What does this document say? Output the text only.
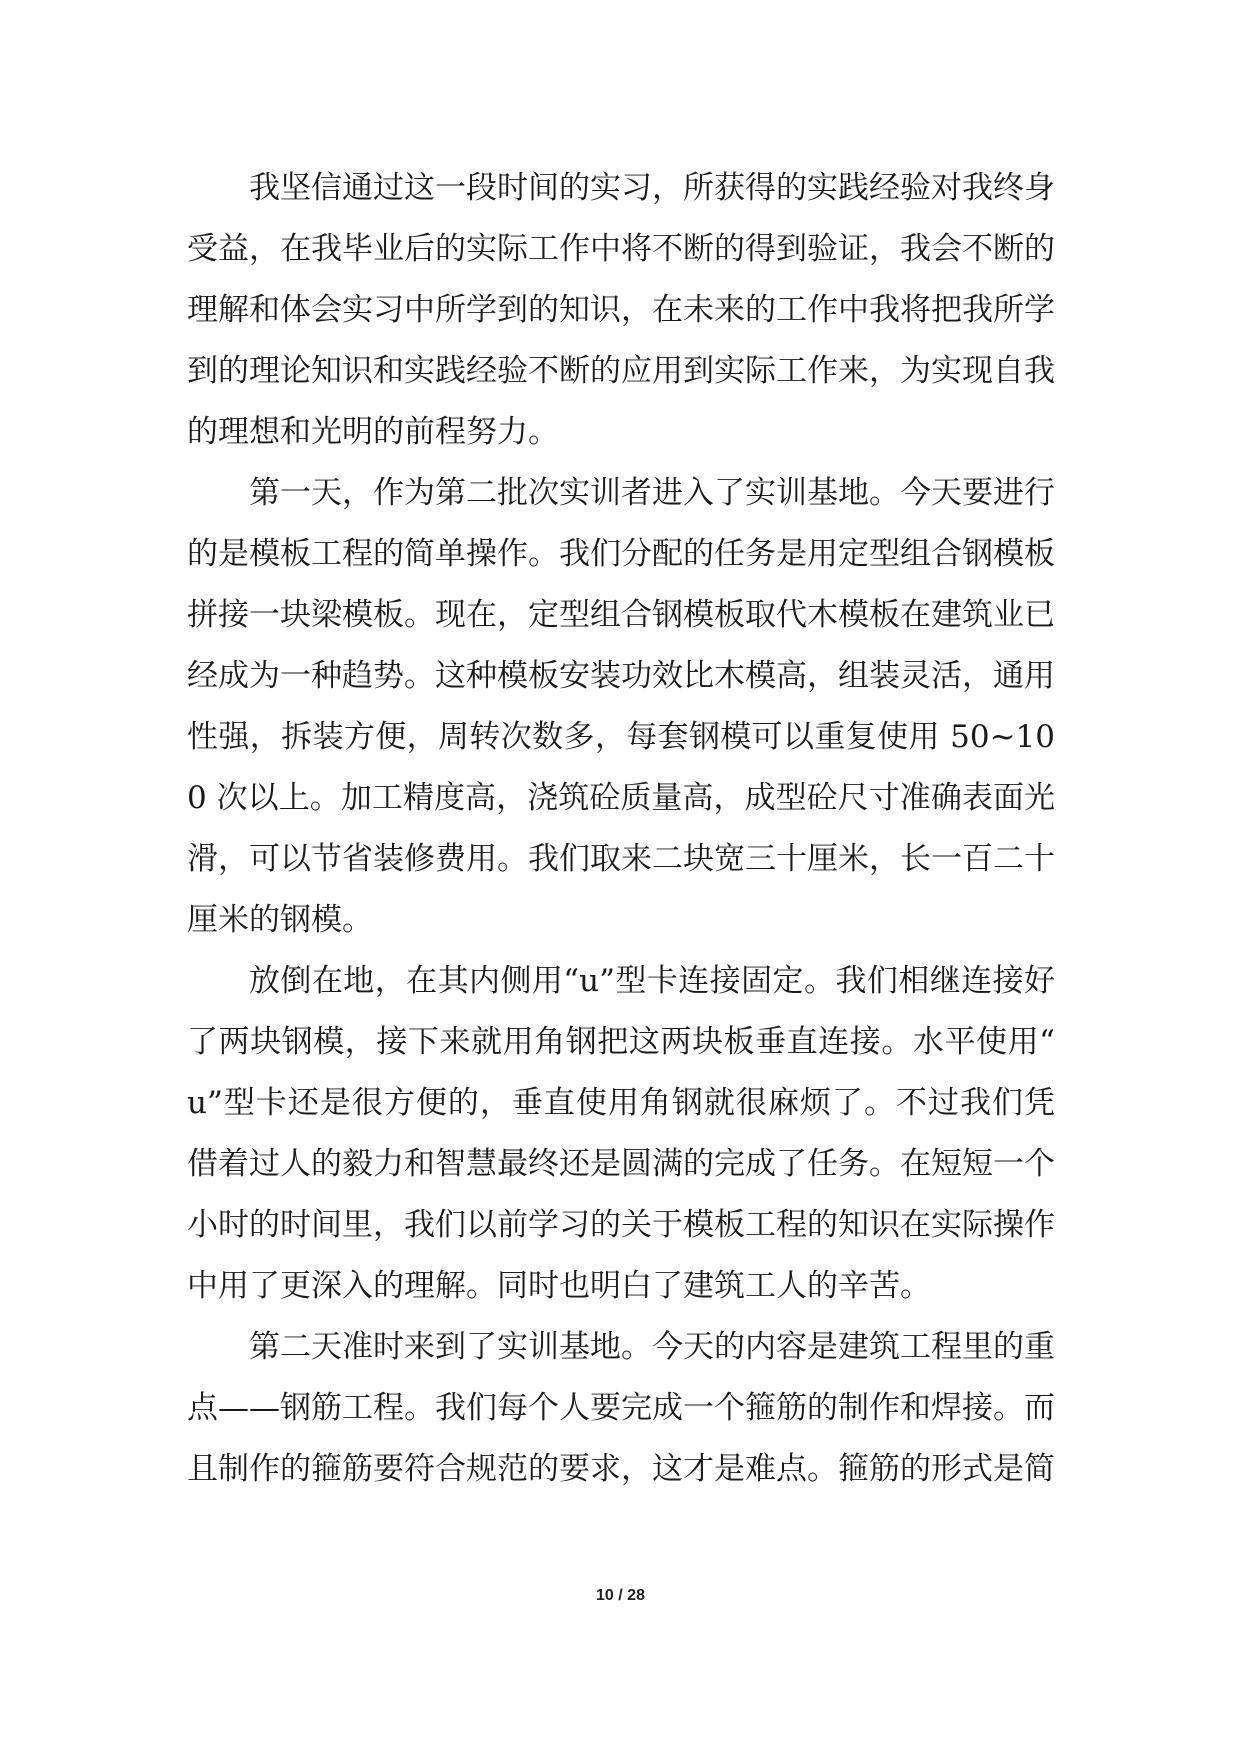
我坚信通过这一段时间的实习，所获得的实践经验对我终身受益，在我毕业后的实际工作中将不断的得到验证，我会不断的理解和体会实习中所学到的知识，在未来的工作中我将把我所学到的理论知识和实践经验不断的应用到实际工作来，为实现自我的理想和光明的前程努力。

第一天，作为第二批次实训者进入了实训基地。今天要进行的是模板工程的简单操作。我们分配的任务是用定型组合钢模板拼接一块梁模板。现在，定型组合钢模板取代木模板在建筑业已经成为一种趋势。这种模板安装功效比木模高，组装灵活，通用性强，拆装方便，周转次数多，每套钢模可以重复使用 50~100 次以上。加工精度高，浇筑砼质量高，成型砼尺寸准确表面光滑，可以节省装修费用。我们取来二块宽三十厘米，长一百二十厘米的钢模。

放倒在地，在其内侧用“u”型卡连接固定。我们相继连接好了两块钢模，接下来就用角钢把这两块板垂直连接。水平使用“u”型卡还是很方便的，垂直使用角钢就很麻烦了。不过我们凭借着过人的毅力和智慧最终还是圆满的完成了任务。在短短一个小时的时间里，我们以前学习的关于模板工程的知识在实际操作中用了更深入的理解。同时也明白了建筑工人的辛苦。

第二天准时来到了实训基地。今天的内容是建筑工程里的重点——钢筋工程。我们每个人要完成一个箍筋的制作和焊接。而且制作的箍筋要符合规范的要求，这才是难点。箍筋的形式是简

10 / 28
